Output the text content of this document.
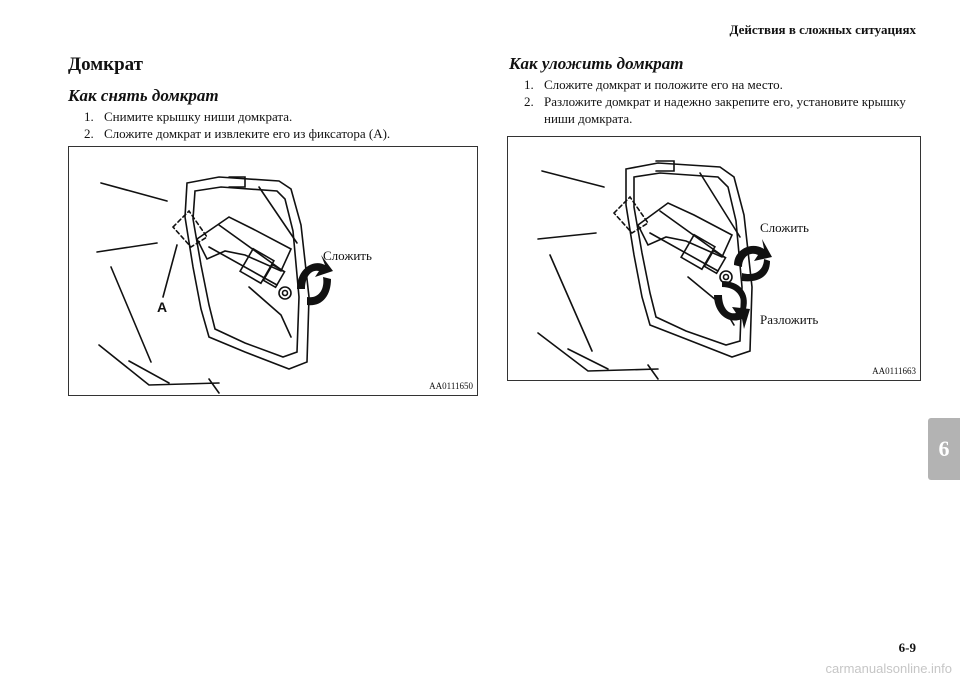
Действия в сложных ситуациях
Домкрат
Как снять домкрат
1. Снимите крышку ниши домкрата.
2. Сложите домкрат и извлеките его из фиксатора (A).
Сложить
A
AA0111650
Как уложить домкрат
1. Сложите домкрат и положите его на место.
2. Разложите домкрат и надежно закрепите его, установите крышку ниши домкрата.
Сложить
Разложить
AA0111663
6
6-9
carmanualsonline.info
